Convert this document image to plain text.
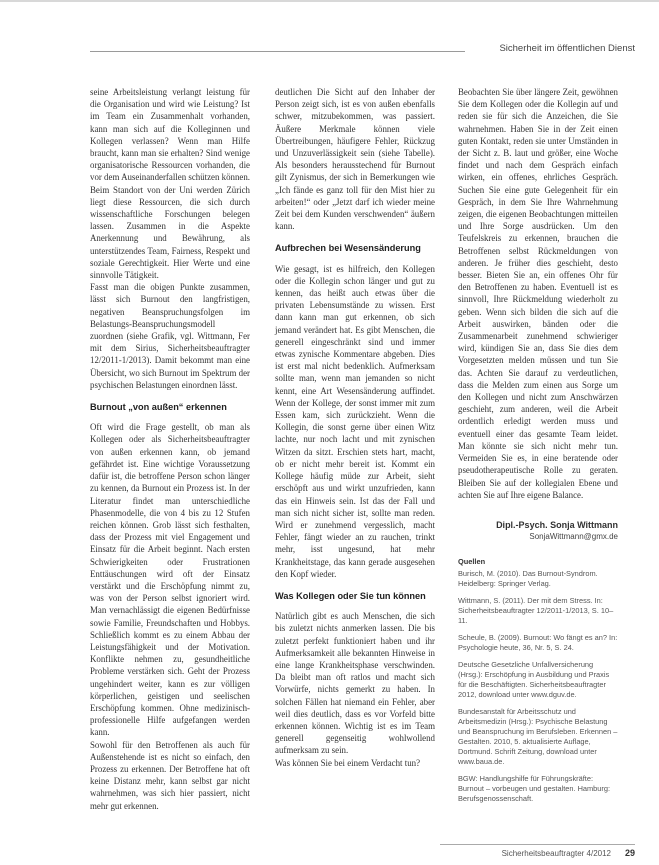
Sicherheit im öffentlichen Dienst

seine Arbeitsleistung verlangt leistung für die Organisation und wird wie Leistung? Ist im Team ein Zusammenhalt vorhanden, kann man sich auf die Kolleginnen und Kollegen verlassen? Wenn man Hilfe braucht, kann man sie erhalten? Sind wenige organisatorische Ressourcen vorhanden, die vor dem Auseinanderfallen schützen können. Beim Standort von der Uni werden Zürich liegt diese Ressourcen, die sich durch wissenschaftliche Forschungen belegen lassen. Zusammen in die Aspekte Anerkennung und Bewährung, als unterstützendes Team, Fairness, Respekt und soziale Gerechtigkeit. Hier Werte und eine sinnvolle Tätigkeit.

Fasst man die obigen Punkte zusammen, lässt sich Burnout den langfristigen, negativen Beanspruchungsfolgen im Belastungs-Beanspruchungsmodell zuordnen (siehe Grafik, vgl. Wittmann, Fer mit dem Sirius, Sicherheitsbeauftragter 12/2011-1/2013). Damit bekommt man eine Übersicht, wo sich Burnout im Spektrum der psychischen Belastungen einordnen lässt.

Burnout „von außen“ erkennen

Oft wird die Frage gestellt, ob man als Kollegen oder als Sicherheitsbeauftragter von außen erkennen kann, ob jemand gefährdet ist. Eine wichtige Voraussetzung dafür ist, die betroffene Person schon länger zu kennen, da Burnout ein Prozess ist. In der Literatur findet man unterschiedliche Phasenmodelle, die von 4 bis zu 12 Stufen reichen können. Grob lässt sich festhalten, dass der Prozess mit viel Engagement und Einsatz für die Arbeit beginnt. Nach ersten Schwierigkeiten oder Frustrationen Enttäuschungen wird oft der Einsatz verstärkt und die Erschöpfung nimmt zu, was von der Person selbst ignoriert wird. Man vernachlässigt die eigenen Bedürfnisse sowie Familie, Freundschaften und Hobbys. Schließlich kommt es zu einem Abbau der Leistungsfähigkeit und der Motivation. Konflikte nehmen zu, gesundheitliche Probleme verstärken sich. Geht der Prozess ungehindert weiter, kann es zur völligen körperlichen, geistigen und seelischen Erschöpfung kommen. Ohne medizinisch-professionelle Hilfe aufgefangen werden kann.

Sowohl für den Betroffenen als auch für Außenstehende ist es nicht so einfach, den Prozess zu erkennen. Der Betroffene hat oft keine Distanz mehr, kann selbst gar nicht wahrnehmen, was sich hier passiert, nicht mehr gut erkennen.

deutlichen Die Sicht auf den Inhaber der Person zeigt sich, ist es von außen ebenfalls schwer, mitzubekommen, was passiert. Äußere Merkmale können viele Übertreibungen, häufigere Fehler, Rückzug und Unzuverlässigkeit sein (siehe Tabelle). Als besonders herausstechend für Burnout gilt Zynismus, der sich in Bemerkungen wie „Ich fände es ganz toll für den Mist hier zu arbeiten!“ oder „Jetzt darf ich wieder meine Zeit bei dem Kunden verschwenden“ äußern kann.

Aufbrechen bei Wesensänderung

Wie gesagt, ist es hilfreich, den Kollegen oder die Kollegin schon länger und gut zu kennen, das heißt auch etwas über die privaten Lebensumstände zu wissen. Erst dann kann man gut erkennen, ob sich jemand verändert hat. Es gibt Menschen, die generell eingeschränkt sind und immer etwas zynische Kommentare abgeben. Dies ist erst mal nicht bedenklich. Aufmerksam sollte man, wenn man jemanden so nicht kennt, eine Art Wesensänderung auffindet. Wenn der Kollege, der sonst immer mit zum Essen kam, sich zurückzieht. Wenn die Kollegin, die sonst gerne über einen Witz lachte, nur noch lacht und mit zynischen Witzen da sitzt. Erschien stets hart, macht, ob er nicht mehr bereit ist. Kommt ein Kollege häufig müde zur Arbeit, sieht erschöpft aus und wirkt unzufrieden, kann das ein Hinweis sein. Ist das der Fall und man sich nicht sicher ist, sollte man reden. Wird er zunehmend vergesslich, macht Fehler, fängt wieder an zu rauchen, trinkt mehr, isst ungesund, hat mehr Krankheitstage, das kann gerade ausgesehen den Kopf wieder.

Was Kollegen oder Sie tun können

Natürlich gibt es auch Menschen, die sich bis zuletzt nichts anmerken lassen. Die bis zuletzt perfekt funktioniert haben und ihr Aufmerksamkeit alle bekannten Hinweise in eine lange Krankheitsphase verschwinden. Da bleibt man oft ratlos und macht sich Vorwürfe, nichts gemerkt zu haben. In solchen Fällen hat niemand ein Fehler, aber weil dies deutlich, dass es vor Vorfeld bitte erkennen können. Wichtig ist es im Team generell gegenseitig wohlwollend aufmerksam zu sein.

Was können Sie bei einem Verdacht tun?

Beobachten Sie über längere Zeit, gewöhnen Sie dem Kollegen oder die Kollegin auf und reden sie für sich die Anzeichen, die Sie wahrnehmen. Haben Sie in der Zeit einen guten Kontakt, reden sie unter Umständen in der Sicht z. B. laut und größer, eine Woche findet und nach dem Gespräch einfach wirken, ein offenes, ehrliches Gespräch. Suchen Sie eine gute Gelegenheit für ein Gespräch, in dem Sie Ihre Wahrnehmung zeigen, die eigenen Beobachtungen mitteilen und Ihre Sorge ausdrücken. Um den Teufelskreis zu erkennen, brauchen die Betroffenen selbst Rückmeldungen von anderen. Je früher dies geschieht, desto besser. Bieten Sie an, ein offenes Ohr für den Betroffenen zu haben. Eventuell ist es sinnvoll, Ihre Rückmeldung wiederholt zu geben. Wenn sich bilden die sich auf die Arbeit auswirken, bänden oder die Zusammenarbeit zunehmend schwieriger wird, kündigen Sie an, dass Sie dies dem Vorgesetzten melden müssen und tun Sie das. Achten Sie darauf zu verdeutlichen, dass die Melden zum einen aus Sorge um den Kollegen und nicht zum Anschwärzen geschieht, zum anderen, weil die Arbeit ordentlich erledigt werden muss und eventuell einer das gesamte Team leidet. Man könnte sie sich nicht mehr tun. Vermeiden Sie es, in eine beratende oder pseudotherapeutische Rolle zu geraten. Bleiben Sie auf der kollegialen Ebene und achten Sie auf Ihre eigene Balance.

Dipl.-Psych. Sonja Wittmann
SonjaWittmann@gmx.de
Quellen
Burisch, M. (2010). Das Burnout-Syndrom. Heidelberg: Springer Verlag.
Wittmann, S. (2011). Der mit dem Stress. In: Sicherheitsbeauftragter 12/2011-1/2013, S. 10–11.
Scheule, B. (2009). Burnout: Wo fängt es an? In: Psychologie heute, 36, Nr. 5, S. 24.
Deutsche Gesetzliche Unfallversicherung (Hrsg.): Erschöpfung in Ausbildung und Praxis für die Beschäftigten. Sicherheitsbeauftragter 2012, download unter www.dguv.de.
Bundesanstalt für Arbeitsschutz und Arbeitsmedizin (Hrsg.): Psychische Belastung und Beanspruchung im Berufsleben. Erkennen – Gestalten. 2010, 5. aktualisierte Auflage, Dortmund. Schrift Zeitung, download unter www.baua.de.
BGW: Handlungshilfe für Führungskräfte: Burnout – vorbeugen und gestalten. Hamburg: Berufsgenossenschaft.
Sicherheitsbeauftragter 4/2012 29
